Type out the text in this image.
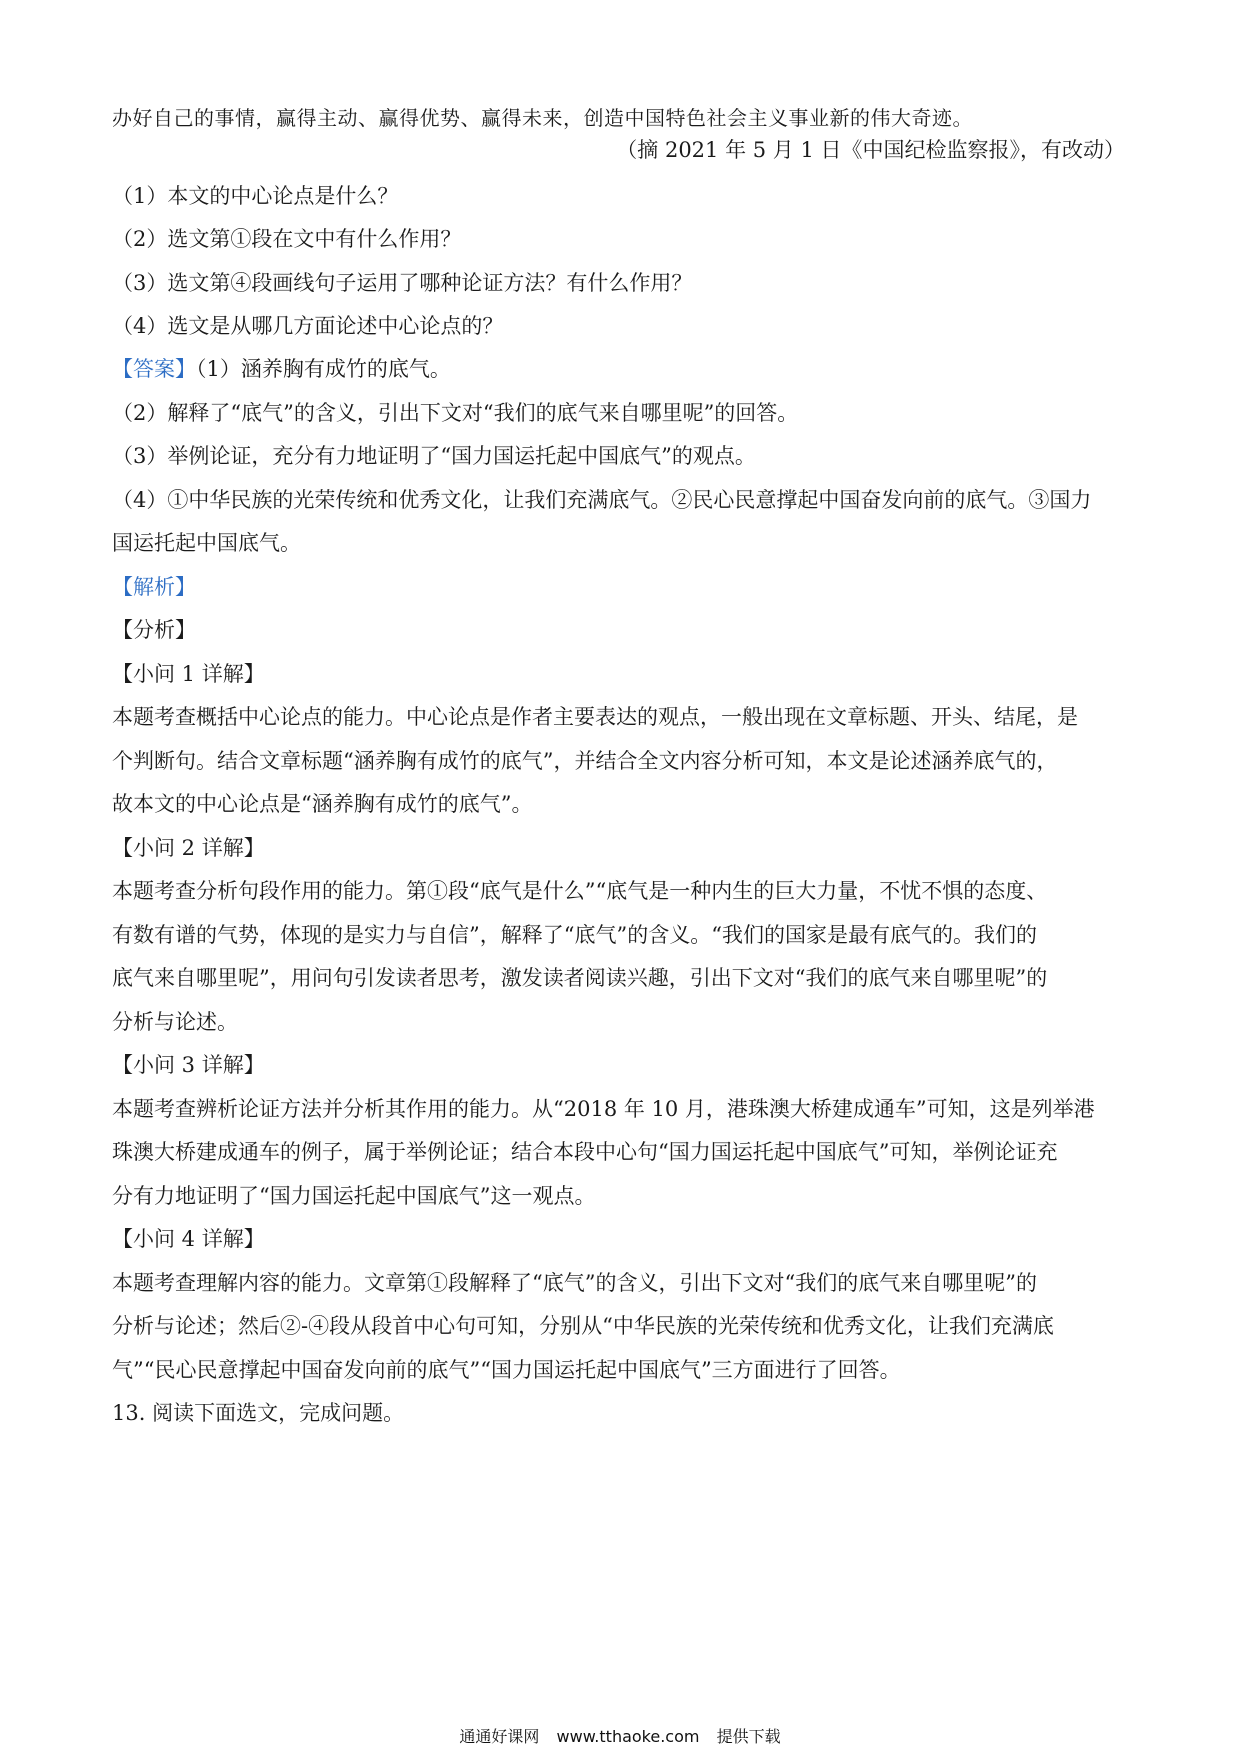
办好自己的事情，赢得主动、赢得优势、赢得未来，创造中国特色社会主义事业新的伟大奇迹。
（摘 2021 年 5 月 1 日《中国纪检监察报》，有改动）
（1）本文的中心论点是什么？
（2）选文第①段在文中有什么作用？
（3）选文第④段画线句子运用了哪种论证方法？有什么作用？
（4）选文是从哪几方面论述中心论点的？
【答案】（1）涵养胸有成竹的底气。
（2）解释了“底气”的含义，引出下文对“我们的底气来自哪里呢”的回答。
（3）举例论证，充分有力地证明了“国力国运托起中国底气”的观点。
（4）①中华民族的光荣传统和优秀文化，让我们充满底气。②民心民意撑起中国奋发向前的底气。③国力
国运托起中国底气。
【解析】
【分析】
【小问 1 详解】
本题考查概括中心论点的能力。中心论点是作者主要表达的观点，一般出现在文章标题、开头、结尾，是
个判断句。结合文章标题“涵养胸有成竹的底气”，并结合全文内容分析可知，本文是论述涵养底气的，
故本文的中心论点是“涵养胸有成竹的底气”。
【小问 2 详解】
本题考查分析句段作用的能力。第①段“底气是什么”“底气是一种内生的巨大力量，不忧不惧的态度、
有数有谱的气势，体现的是实力与自信”，解释了“底气”的含义。“我们的国家是最有底气的。我们的
底气来自哪里呢”，用问句引发读者思考，激发读者阅读兴趣，引出下文对“我们的底气来自哪里呢”的
分析与论述。
【小问 3 详解】
本题考查辨析论证方法并分析其作用的能力。从“2018 年 10 月，港珠澳大桥建成通车”可知，这是列举港
珠澳大桥建成通车的例子，属于举例论证；结合本段中心句“国力国运托起中国底气”可知，举例论证充
分有力地证明了“国力国运托起中国底气”这一观点。
【小问 4 详解】
本题考查理解内容的能力。文章第①段解释了“底气”的含义，引出下文对“我们的底气来自哪里呢”的
分析与论述；然后②-④段从段首中心句可知，分别从“中华民族的光荣传统和优秀文化，让我们充满底
气”“民心民意撑起中国奋发向前的底气”“国力国运托起中国底气”三方面进行了回答。
13. 阅读下面选文，完成问题。
通通好课网 www.tthaoke.com 提供下载
